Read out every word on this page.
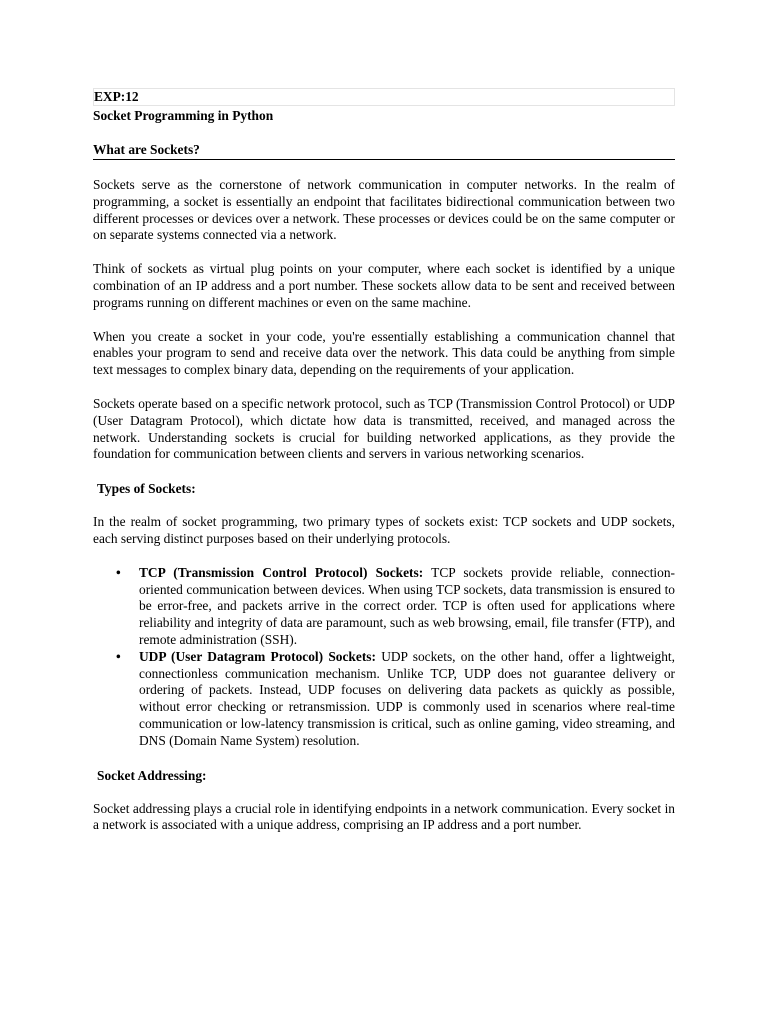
EXP:12
Socket Programming in Python
What are Sockets?

Sockets serve as the cornerstone of network communication in computer networks. In the realm of programming, a socket is essentially an endpoint that facilitates bidirectional communication between two different processes or devices over a network. These processes or devices could be on the same computer or on separate systems connected via a network.

Think of sockets as virtual plug points on your computer, where each socket is identified by a unique combination of an IP address and a port number. These sockets allow data to be sent and received between programs running on different machines or even on the same machine.

When you create a socket in your code, you're essentially establishing a communication channel that enables your program to send and receive data over the network. This data could be anything from simple text messages to complex binary data, depending on the requirements of your application.

Sockets operate based on a specific network protocol, such as TCP (Transmission Control Protocol) or UDP (User Datagram Protocol), which dictate how data is transmitted, received, and managed across the network. Understanding sockets is crucial for building networked applications, as they provide the foundation for communication between clients and servers in various networking scenarios.

Types of Sockets:

In the realm of socket programming, two primary types of sockets exist: TCP sockets and UDP sockets, each serving distinct purposes based on their underlying protocols.

• TCP (Transmission Control Protocol) Sockets: TCP sockets provide reliable, connection-oriented communication between devices. When using TCP sockets, data transmission is ensured to be error-free, and packets arrive in the correct order. TCP is often used for applications where reliability and integrity of data are paramount, such as web browsing, email, file transfer (FTP), and remote administration (SSH).
• UDP (User Datagram Protocol) Sockets: UDP sockets, on the other hand, offer a lightweight, connectionless communication mechanism. Unlike TCP, UDP does not guarantee delivery or ordering of packets. Instead, UDP focuses on delivering data packets as quickly as possible, without error checking or retransmission. UDP is commonly used in scenarios where real-time communication or low-latency transmission is critical, such as online gaming, video streaming, and DNS (Domain Name System) resolution.
Socket Addressing:

Socket addressing plays a crucial role in identifying endpoints in a network communication. Every socket in a network is associated with a unique address, comprising an IP address and a port number.
